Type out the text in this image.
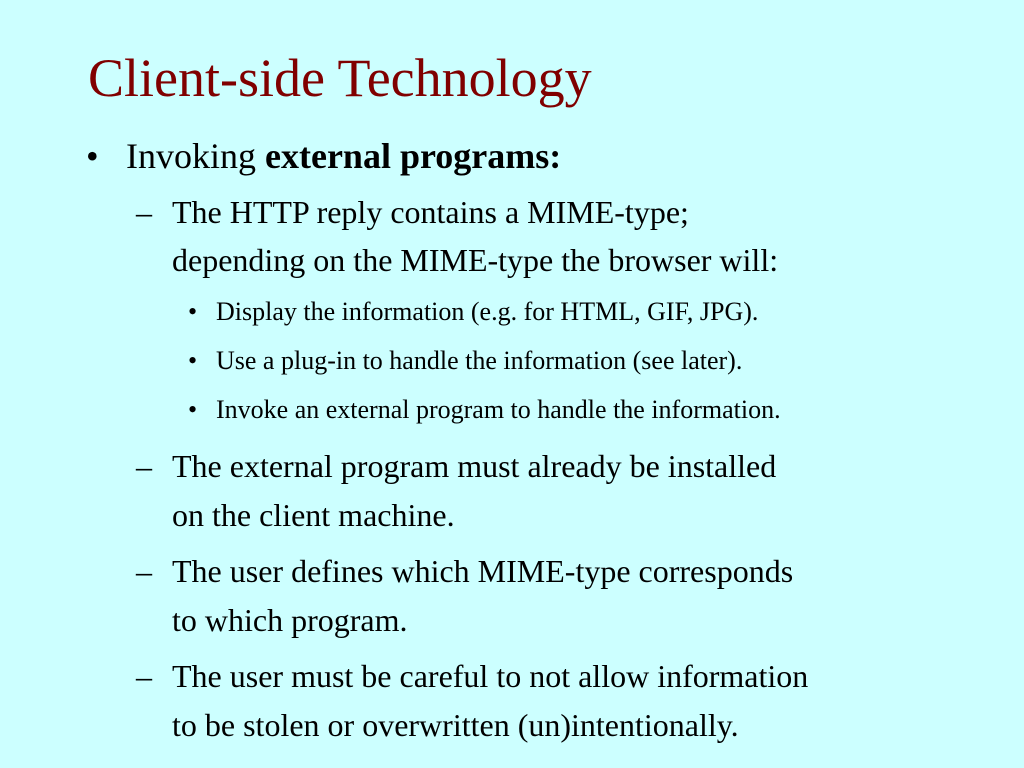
Client-side Technology
• Invoking external programs:
– The HTTP reply contains a MIME-type;
depending on the MIME-type the browser will:
• Display the information (e.g. for HTML, GIF, JPG).
• Use a plug-in to handle the information (see later).
• Invoke an external program to handle the information.
– The external program must already be installed
on the client machine.
– The user defines which MIME-type corresponds
to which program.
– The user must be careful to not allow information
to be stolen or overwritten (un)intentionally.
